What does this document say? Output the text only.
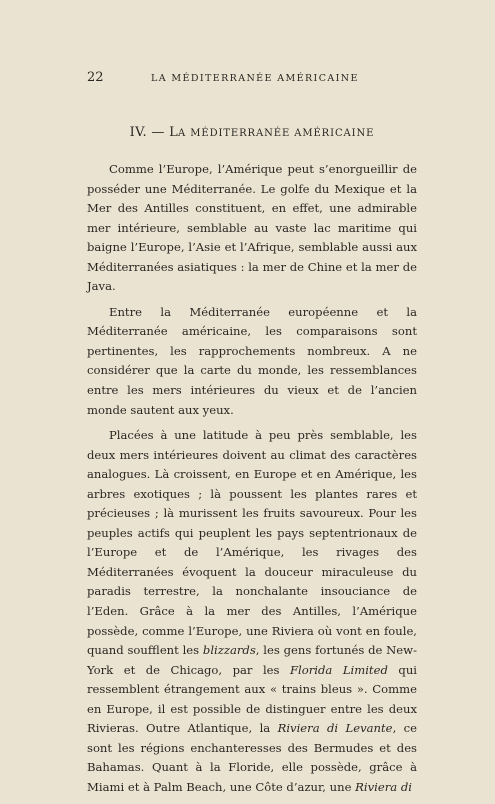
22	LA MÉDITERRANÉE AMÉRICAINE
IV. — LA MÉDITERRANÉE AMÉRICAINE

Comme l’Europe, l’Amérique peut s’enorgueillir de posséder une Méditerranée. Le golfe du Mexique et la Mer des Antilles constituent, en effet, une admirable mer intérieure, semblable au vaste lac maritime qui baigne l’Europe, l’Asie et l’Afrique, semblable aussi aux Méditerranées asiatiques : la mer de Chine et la mer de Java.

Entre la Méditerranée européenne et la Méditerranée américaine, les comparaisons sont pertinentes, les rapprochements nombreux. A ne considérer que la carte du monde, les ressemblances entre les mers intérieures du vieux et de l’ancien monde sautent aux yeux.

Placées à une latitude à peu près semblable, les deux mers intérieures doivent au climat des caractères analogues. Là croissent, en Europe et en Amérique, les arbres exotiques ; là poussent les plantes rares et précieuses ; là murissent les fruits savoureux. Pour les peuples actifs qui peuplent les pays septentrionaux de l’Europe et de l’Amérique, les rivages des Méditerranées évoquent la douceur miraculeuse du paradis terrestre, la nonchalante insouciance de l’Eden. Grâce à la mer des Antilles, l’Amérique possède, comme l’Europe, une Riviera où vont en foule, quand soufflent les blizzards, les gens fortunés de New-York et de Chicago, par les Florida Limited qui ressemblent étrangement aux « trains bleus ». Comme en Europe, il est possible de distinguer entre les deux Rivieras. Outre Atlantique, la Riviera di Levante, ce sont les régions enchanteresses des Bermudes et des Bahamas. Quant à la Floride, elle possède, grâce à Miami et à Palm Beach, une Côte d’azur, une Riviera di
